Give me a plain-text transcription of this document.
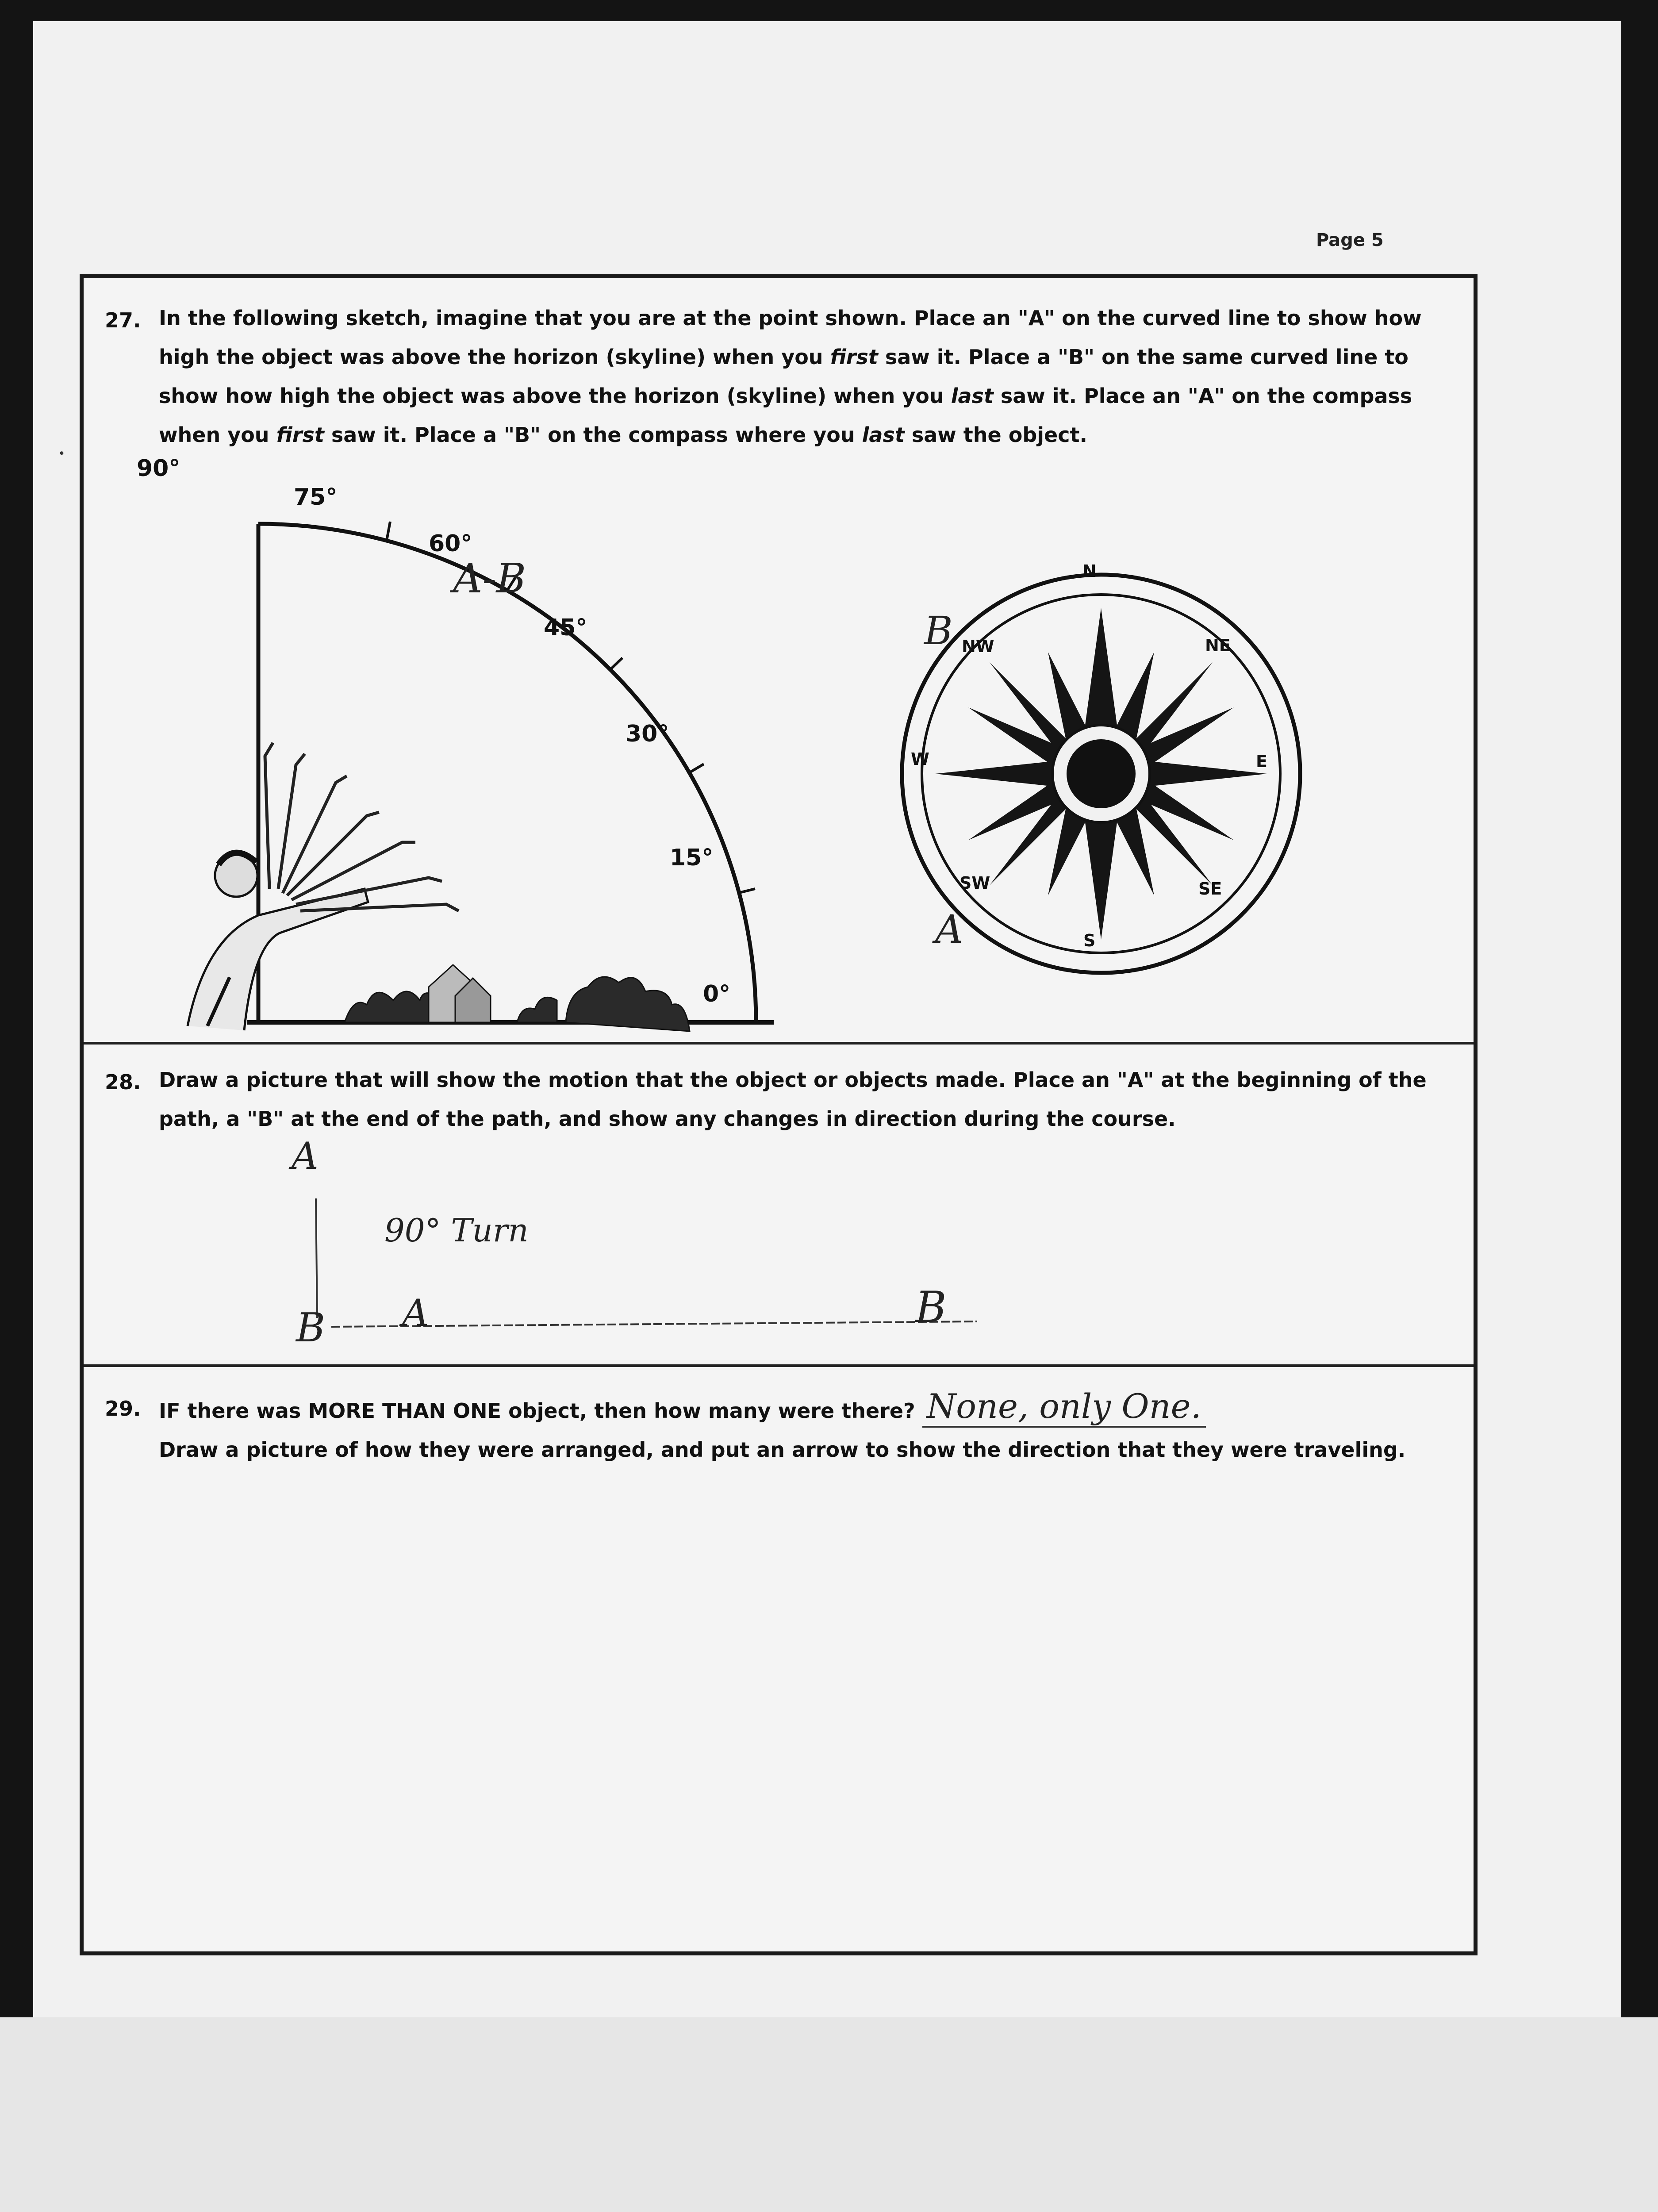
Page 5
27. In the following sketch, imagine that you are at the point shown. Place an "A" on the curved line to show how
high the object was above the horizon (skyline) when you first saw it. Place a "B" on the same curved line to
show how high the object was above the horizon (skyline) when you last saw it. Place an "A" on the compass
when you first saw it. Place a "B" on the compass where you last saw the object.

90°
75°
60°
45°
30°
15°
0°
A-B	N
NE
E
SE
S
SW
W
NW
B
A
28. Draw a picture that will show the motion that the object or objects made. Place an "A" at the beginning of the
path, a "B" at the end of the path, and show any changes in direction during the course.

A
B A	B
90° Turn
29. IF there was MORE THAN ONE object, then how many were there? None, only One.
Draw a picture of how they were arranged, and put an arrow to show the direction that they were traveling.

·
